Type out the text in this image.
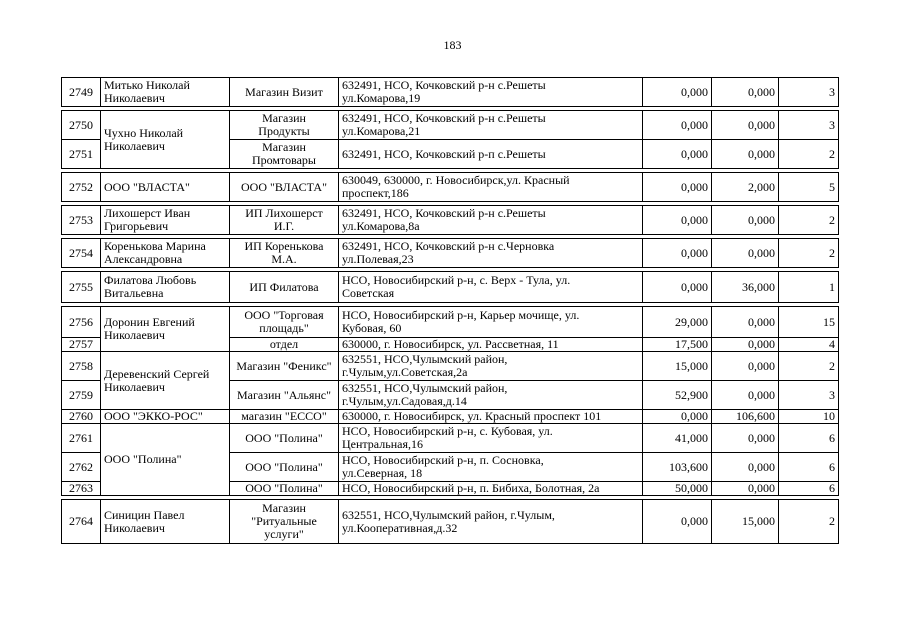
183
2749	Митько Николай
Николаевич	Магазин Визит	632491, НСО, Кочковский р-н с.Решеты
ул.Комарова,19	0,000	0,000	3

2750	Чухно Николай
Николаевич	Магазин
Продукты	632491, НСО, Кочковский р-н с.Решеты
ул.Комарова,21	0,000	0,000	3
2751		Магазин
Промтовары	632491, НСО, Кочковский р-п с.Решеты	0,000	0,000	2

2752	ООО "ВЛАСТА"	ООО "ВЛАСТА"	630049, 630000, г. Новосибирск,ул. Красный
проспект,186	0,000	2,000	5

2753	Лихошерст Иван
Григорьевич	ИП Лихошерст
И.Г.	632491, НСО, Кочковский р-н с.Решеты
ул.Комарова,8а	0,000	0,000	2

2754	Коренькова Марина
Александровна	ИП Коренькова
М.А.	632491, НСО, Кочковский р-н с.Черновка
ул.Полевая,23	0,000	0,000	2

2755	Филатова Любовь
Витальевна	ИП Филатова	НСО, Новосибирский р-н, с. Верх - Тула, ул.
Советская	0,000	36,000	1

2756	Доронин Евгений
Николаевич	ООО "Торговая
площадь"	НСО, Новосибирский р-н, Карьер мочище, ул.
Кубовая, 60	29,000	0,000	15
2757		отдел	630000, г. Новосибирск, ул. Рассветная, 11	17,500	0,000	4
2758	Деревенский Сергей
Николаевич	Магазин "Феникс"	632551, НСО,Чулымский район,
г.Чулым,ул.Советская,2а	15,000	0,000	2
2759		Магазин "Альянс"	632551, НСО,Чулымский район,
г.Чулым,ул.Садовая,д.14	52,900	0,000	3
2760	ООО "ЭККО-РОС"	магазин "ЕССО"	630000, г. Новосибирск, ул. Красный проспект 101	0,000	106,600	10
2761	ООО "Полина"	ООО "Полина"	НСО, Новосибирский р-н, с. Кубовая, ул.
Центральная,16	41,000	0,000	6
2762		ООО "Полина"	НСО, Новосибирский р-н, п. Сосновка,
ул.Северная, 18	103,600	0,000	6
2763		ООО "Полина"	НСО, Новосибирский р-н, п. Бибиха, Болотная, 2а	50,000	0,000	6

2764	Синицин Павел
Николаевич	Магазин
"Ритуальные
услуги"	632551, НСО,Чулымский район, г.Чулым,
ул.Кооперативная,д.32	0,000	15,000	2
